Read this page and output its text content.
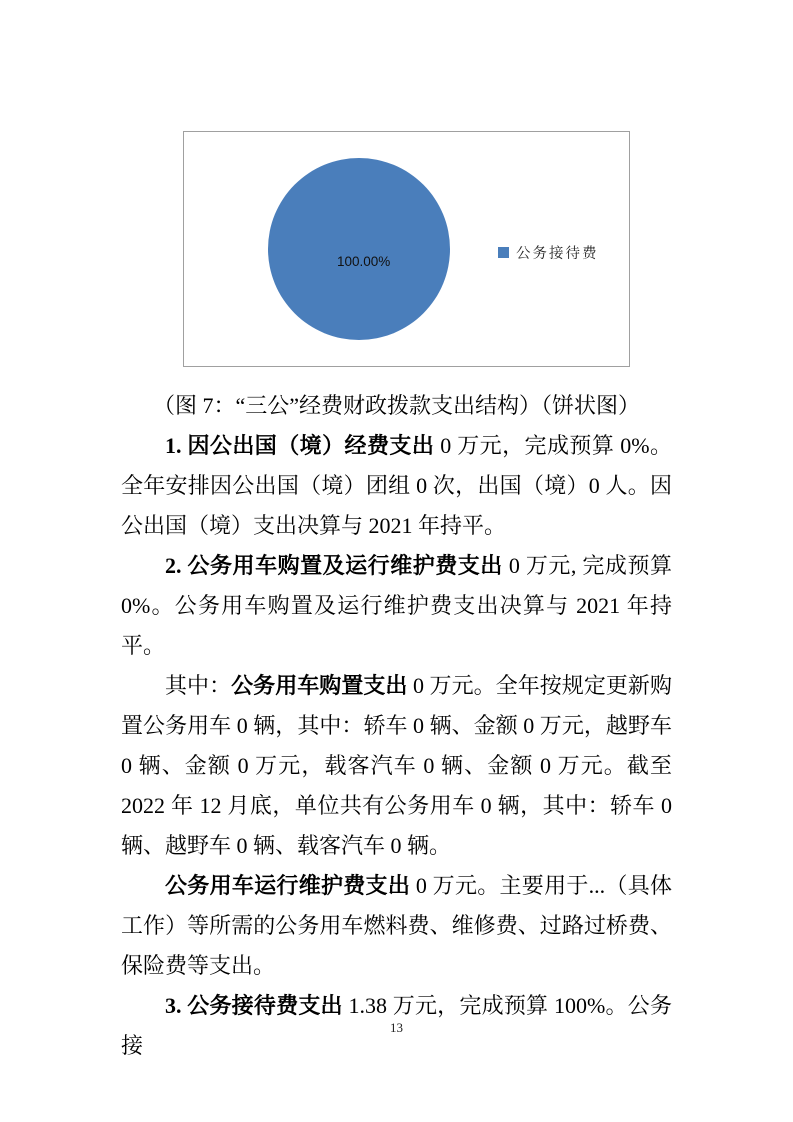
100.00%	公务接待费
（图 7：“三公”经费财政拨款支出结构）（饼状图）

1. 因公出国（境）经费支出 0 万元，完成预算 0%。全年安排因公出国（境）团组 0 次，出国（境）0 人。因公出国（境）支出决算与 2021 年持平。

2. 公务用车购置及运行维护费支出 0 万元, 完成预算 0%。公务用车购置及运行维护费支出决算与 2021 年持平。

其中：公务用车购置支出 0 万元。全年按规定更新购置公务用车 0 辆，其中：轿车 0 辆、金额 0 万元，越野车 0 辆、金额 0 万元，载客汽车 0 辆、金额 0 万元。截至 2022 年 12 月底，单位共有公务用车 0 辆，其中：轿车 0 辆、越野车 0 辆、载客汽车 0 辆。

公务用车运行维护费支出 0 万元。主要用于...（具体工作）等所需的公务用车燃料费、维修费、过路过桥费、保险费等支出。

3. 公务接待费支出 1.38 万元，完成预算 100%。公务接

13
